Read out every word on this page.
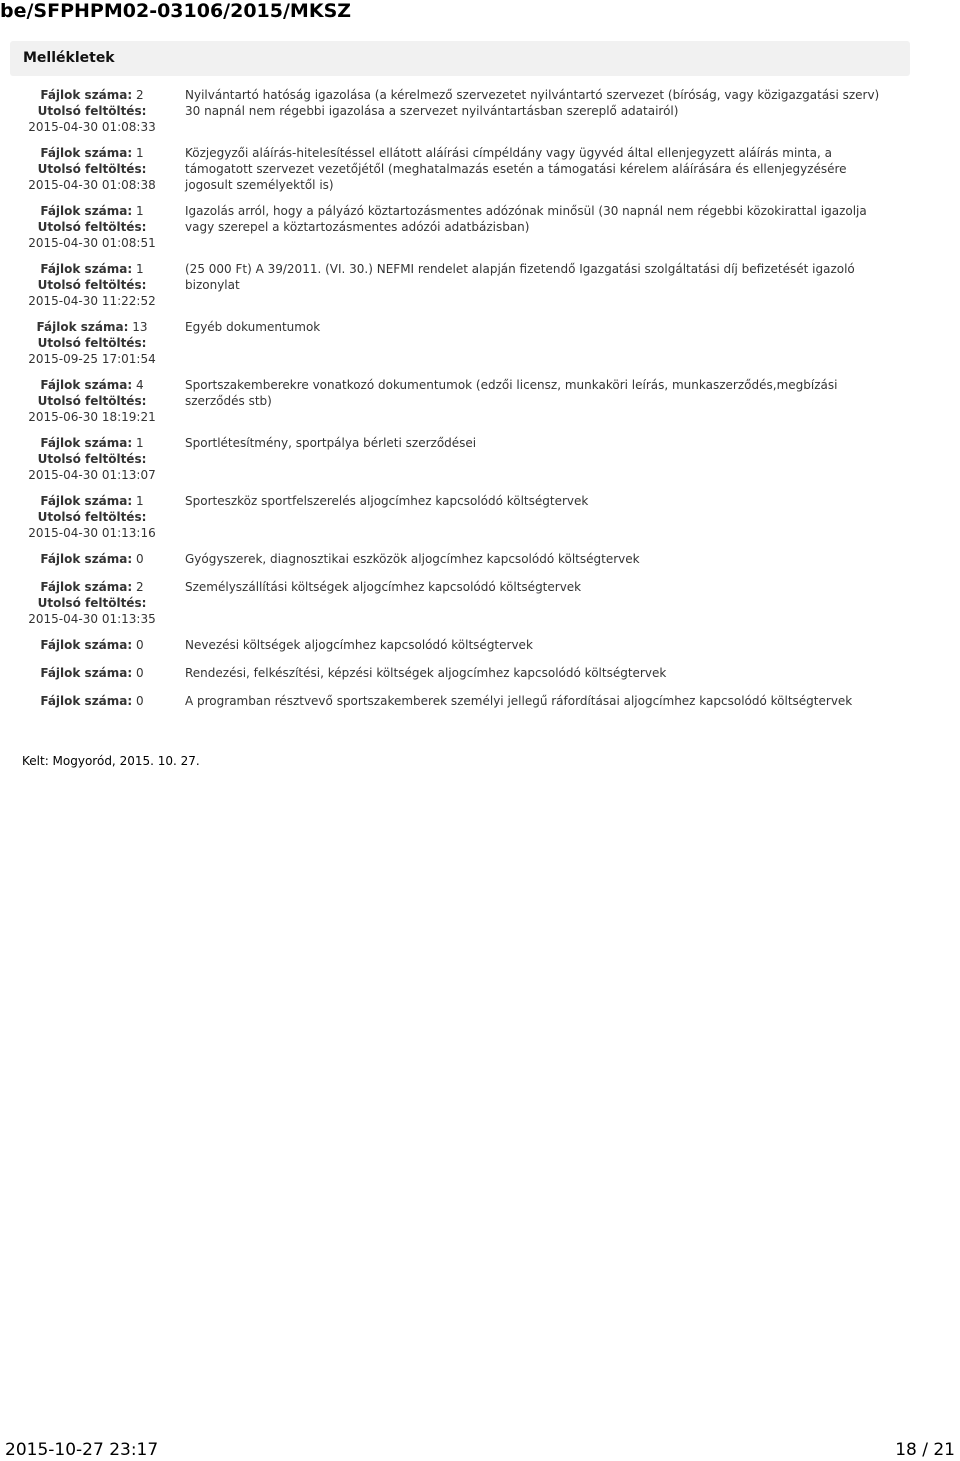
be/SFPHPM02-03106/2015/MKSZ
Mellékletek
Fájlok száma: 2
Utolsó feltöltés:
2015-04-30 01:08:33
Fájlok száma: 1
Utolsó feltöltés:
2015-04-30 01:08:38
Fájlok száma: 1
Utolsó feltöltés:
2015-04-30 01:08:51
Fájlok száma: 1
Utolsó feltöltés:
2015-04-30 11:22:52
Fájlok száma: 13
Utolsó feltöltés:
2015-09-25 17:01:54
Fájlok száma: 4
Utolsó feltöltés:
2015-06-30 18:19:21
Fájlok száma: 1
Utolsó feltöltés:
2015-04-30 01:13:07
Fájlok száma: 1
Utolsó feltöltés:
2015-04-30 01:13:16
Fájlok száma: 0
Fájlok száma: 2
Utolsó feltöltés:
2015-04-30 01:13:35
Fájlok száma: 0
Fájlok száma: 0
Fájlok száma: 0
Nyilvántartó hatóság igazolása (a kérelmező szervezetet nyilvántartó szervezet (bíróság, vagy közigazgatási szerv) 30 napnál nem régebbi igazolása a szervezet nyilvántartásban szereplő adatairól)
Közjegyzői aláírás-hitelesítéssel ellátott aláírási címpéldány vagy ügyvéd által ellenjegyzett aláírás minta, a támogatott szervezet vezetőjétől (meghatalmazás esetén a támogatási kérelem aláírására és ellenjegyzésére jogosult személyektől is)
Igazolás arról, hogy a pályázó köztartozásmentes adózónak minősül (30 napnál nem régebbi közokirattal igazolja vagy szerepel a köztartozásmentes adózói adatbázisban)
(25 000 Ft) A 39/2011. (VI. 30.) NEFMI rendelet alapján fizetendő Igazgatási szolgáltatási díj befizetését igazoló bizonylat
Egyéb dokumentumok
Sportszakemberekre vonatkozó dokumentumok (edzői licensz, munkaköri leírás, munkaszerződés,megbízási szerződés stb)
Sportlétesítmény, sportpálya bérleti szerződései
Sporteszköz sportfelszerelés aljogcímhez kapcsolódó költségtervek
Gyógyszerek, diagnosztikai eszközök aljogcímhez kapcsolódó költségtervek
Személyszállítási költségek aljogcímhez kapcsolódó költségtervek
Nevezési költségek aljogcímhez kapcsolódó költségtervek
Rendezési, felkészítési, képzési költségek aljogcímhez kapcsolódó költségtervek
A programban résztvevő sportszakemberek személyi jellegű ráfordításai aljogcímhez kapcsolódó költségtervek
Kelt: Mogyoród, 2015. 10. 27.
2015-10-27 23:17	18 / 21
